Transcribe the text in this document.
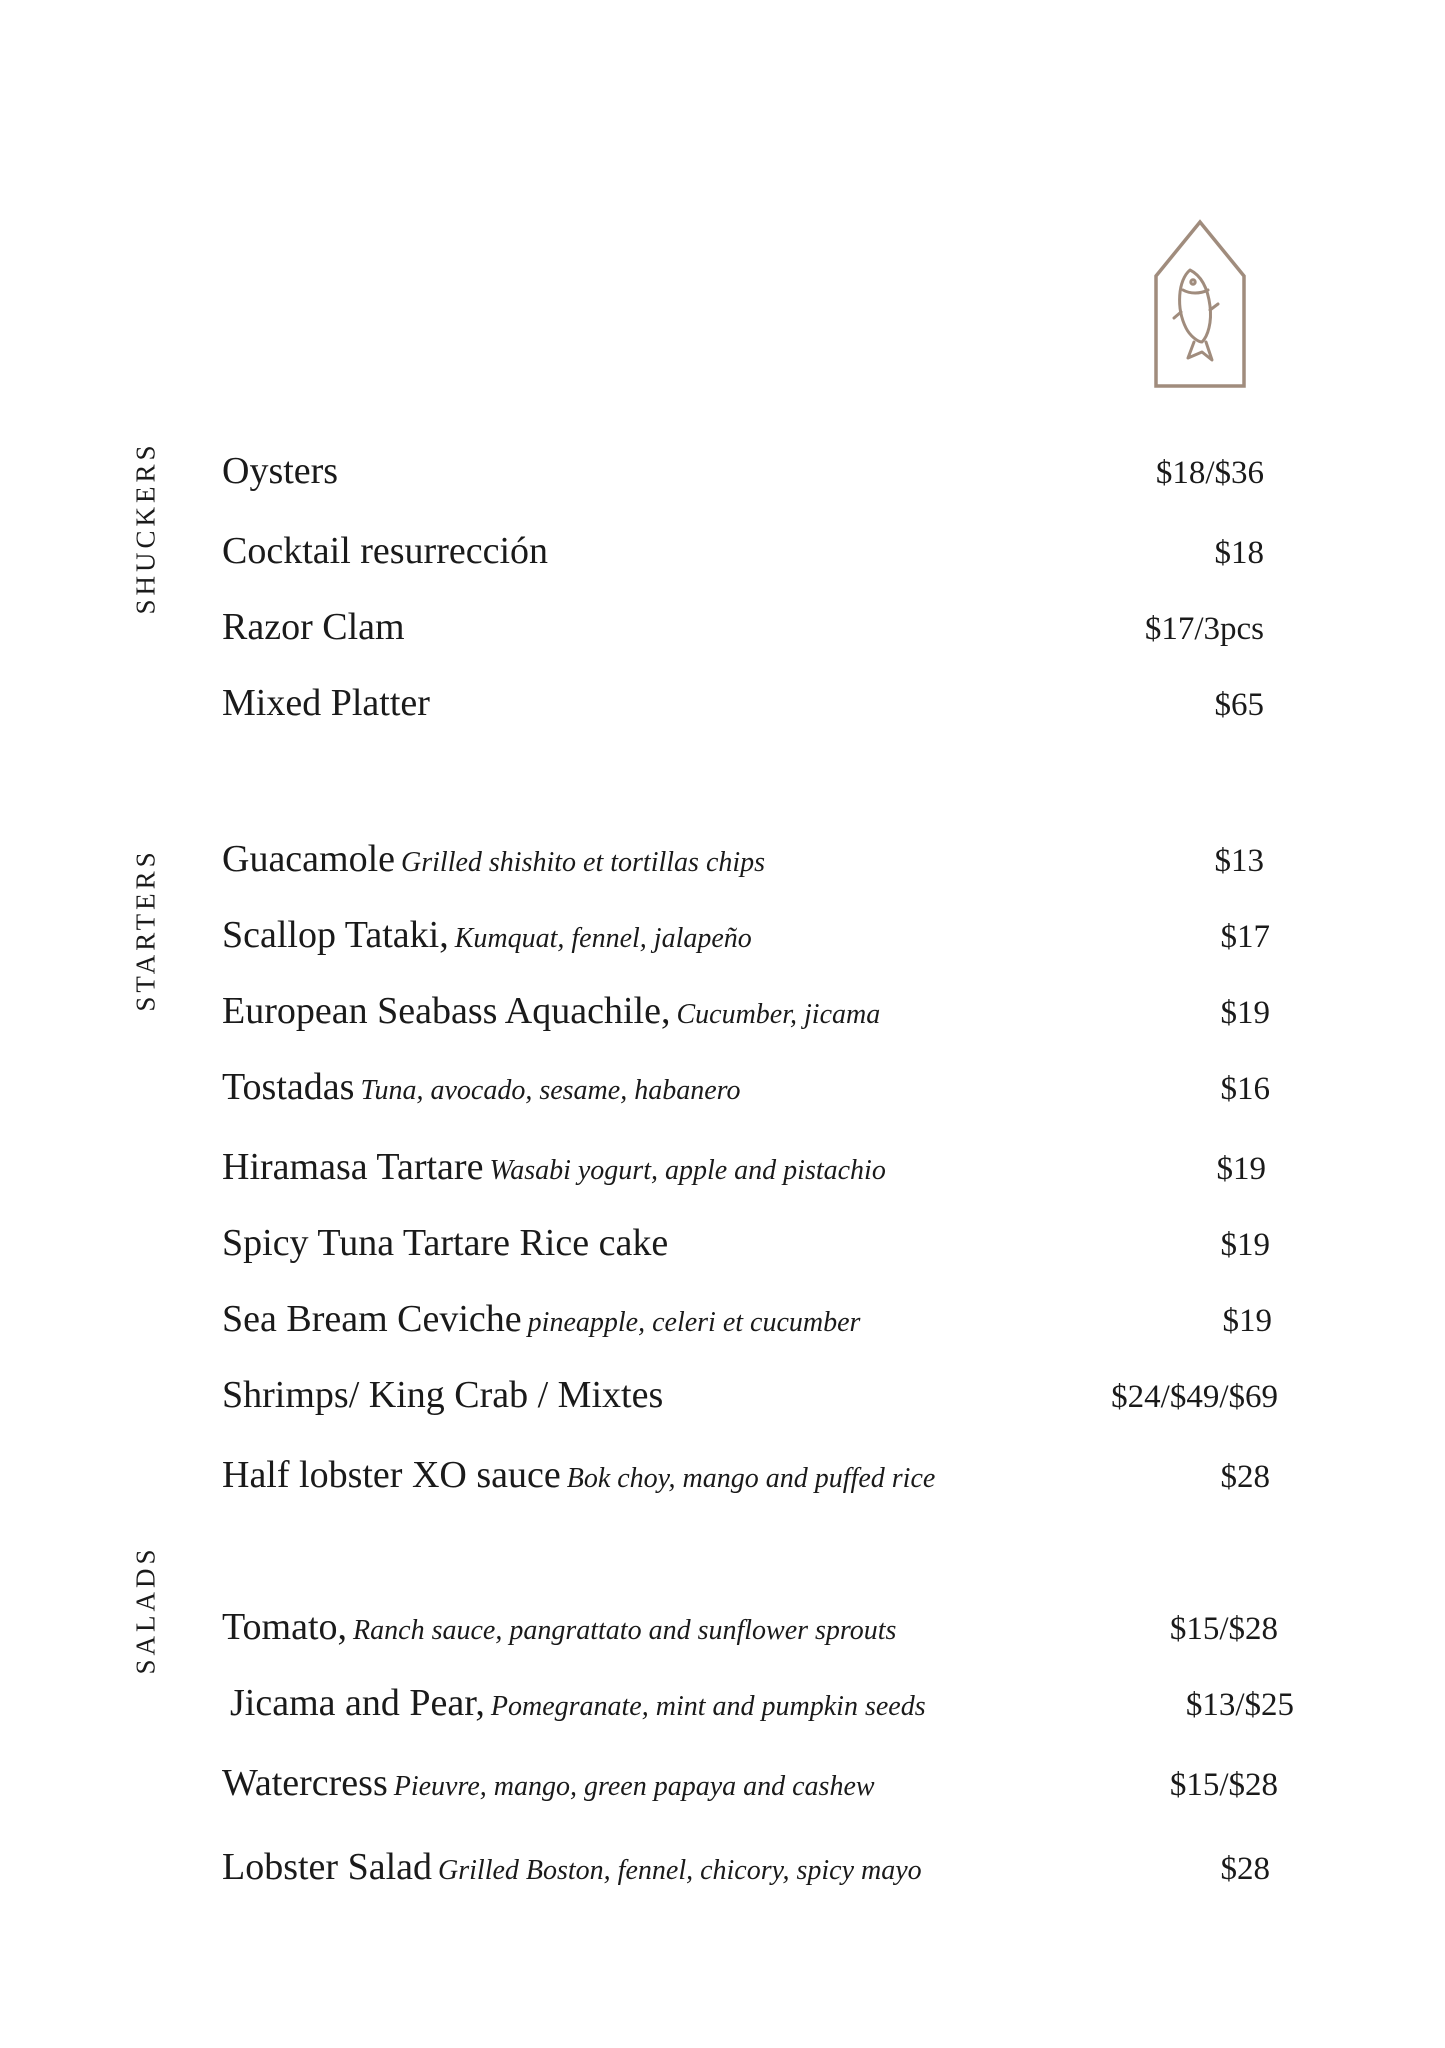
SHUCKERS
STARTERS
SALADS
Oysters	$18/$36
Cocktail resurrección	$18
Razor Clam	$17/3pcs
Mixed Platter	$65
Guacamole Grilled shishito et tortillas chips	$13
Scallop Tataki, Kumquat, fennel, jalapeño	$17
European Seabass Aquachile, Cucumber, jicama	$19
Tostadas Tuna, avocado, sesame, habanero	$16
Hiramasa Tartare Wasabi yogurt, apple and pistachio	$19
Spicy Tuna Tartare Rice cake	$19
Sea Bream Ceviche pineapple, celeri et cucumber	$19
Shrimps/ King Crab / Mixtes	$24/$49/$69
Half lobster XO sauce Bok choy, mango and puffed rice	$28
Tomato, Ranch sauce, pangrattato and sunflower sprouts	$15/$28
Jicama and Pear, Pomegranate, mint and pumpkin seeds	$13/$25
Watercress Pieuvre, mango, green papaya and cashew	$15/$28
Lobster Salad Grilled Boston, fennel, chicory, spicy mayo	$28
